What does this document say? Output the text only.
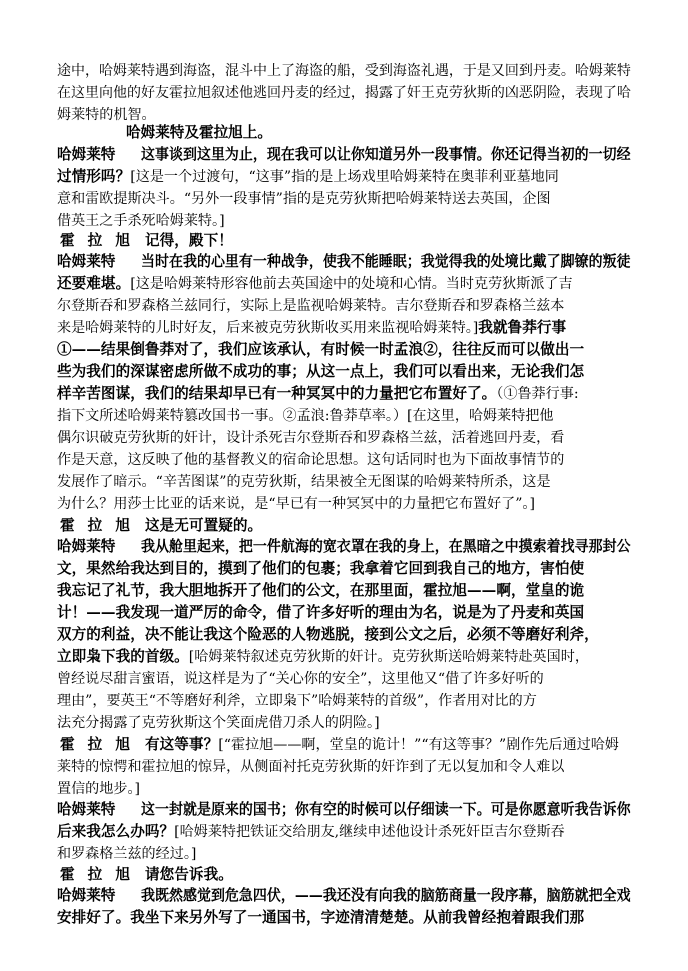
途中，哈姆莱特遇到海盗，混斗中上了海盗的船，受到海盗礼遇，于是又回到丹麦。哈姆莱特
在这里向他的好友霍拉旭叙述他逃回丹麦的经过，揭露了奸王克劳狄斯的凶恶阴险，表现了哈
姆莱特的机智。
哈姆莱特及霍拉旭上。
哈姆莱特 这事谈到这里为止，现在我可以让你知道另外一段事情。你还记得当初的一切经
过情形吗？[这是一个过渡句，“这事”指的是上场戏里哈姆莱特在奥菲利亚墓地同
意和雷欧提斯决斗。“另外一段事情”指的是克劳狄斯把哈姆莱特送去英国，企图
借英王之手杀死哈姆莱特。]
霍 拉 旭 记得，殿下！
哈姆莱特 当时在我的心里有一种战争，使我不能睡眠；我觉得我的处境比戴了脚镣的叛徒
还要难堪。[这是哈姆莱特形容他前去英国途中的处境和心情。当时克劳狄斯派了吉
尔登斯吞和罗森格兰兹同行，实际上是监视哈姆莱特。吉尔登斯吞和罗森格兰兹本
来是哈姆莱特的儿时好友，后来被克劳狄斯收买用来监视哈姆莱特。]我就鲁莽行事
①——结果倒鲁莽对了，我们应该承认，有时候一时孟浪②，往往反而可以做出一
些为我们的深谋密虑所做不成功的事；从这一点上，我们可以看出来，无论我们怎
样辛苦图谋，我们的结果却早已有一种冥冥中的力量把它布置好了。（①鲁莽行事:
指下文所述哈姆莱特篡改国书一事。②孟浪:鲁莽草率。）[在这里，哈姆莱特把他
偶尔识破克劳狄斯的奸计，设计杀死吉尔登斯吞和罗森格兰兹，活着逃回丹麦，看
作是天意，这反映了他的基督教义的宿命论思想。这句话同时也为下面故事情节的
发展作了暗示。“辛苦图谋”的克劳狄斯，结果被全无图谋的哈姆莱特所杀，这是
为什么？用莎士比亚的话来说，是“早已有一种冥冥中的力量把它布置好了”。]
霍 拉 旭 这是无可置疑的。
哈姆莱特 我从舱里起来，把一件航海的宽衣罩在我的身上，在黑暗之中摸索着找寻那封公
文，果然给我达到目的，摸到了他们的包裹；我拿着它回到我自己的地方，害怕使
我忘记了礼节，我大胆地拆开了他们的公文，在那里面，霍拉旭——啊，堂皇的诡
计！——我发现一道严厉的命令，借了许多好听的理由为名，说是为了丹麦和英国
双方的利益，决不能让我这个险恶的人物逃脱，接到公文之后，必须不等磨好利斧，
立即枭下我的首级。[哈姆莱特叙述克劳狄斯的奸计。克劳狄斯送哈姆莱特赴英国时，
曾经说尽甜言蜜语，说这样是为了“关心你的安全”，这里他又“借了许多好听的
理由”，要英王“不等磨好利斧，立即枭下”哈姆莱特的首级”，作者用对比的方
法充分揭露了克劳狄斯这个笑面虎借刀杀人的阴险。]
霍 拉 旭 有这等事？[“霍拉旭——啊，堂皇的诡计！”“有这等事？”剧作先后通过哈姆
莱特的惊愕和霍拉旭的惊异，从侧面衬托克劳狄斯的奸诈到了无以复加和令人难以
置信的地步。]
哈姆莱特 这一封就是原来的国书；你有空的时候可以仔细读一下。可是你愿意听我告诉你
后来我怎么办吗？[哈姆莱特把铁证交给朋友,继续申述他设计杀死奸臣吉尔登斯吞
和罗森格兰兹的经过。]
霍 拉 旭 请您告诉我。
哈姆莱特 我既然感觉到危急四伏，——我还没有向我的脑筋商量一段序幕，脑筋就把全戏
安排好了。我坐下来另外写了一通国书，字迹清清楚楚。从前我曾经抱着跟我们那
